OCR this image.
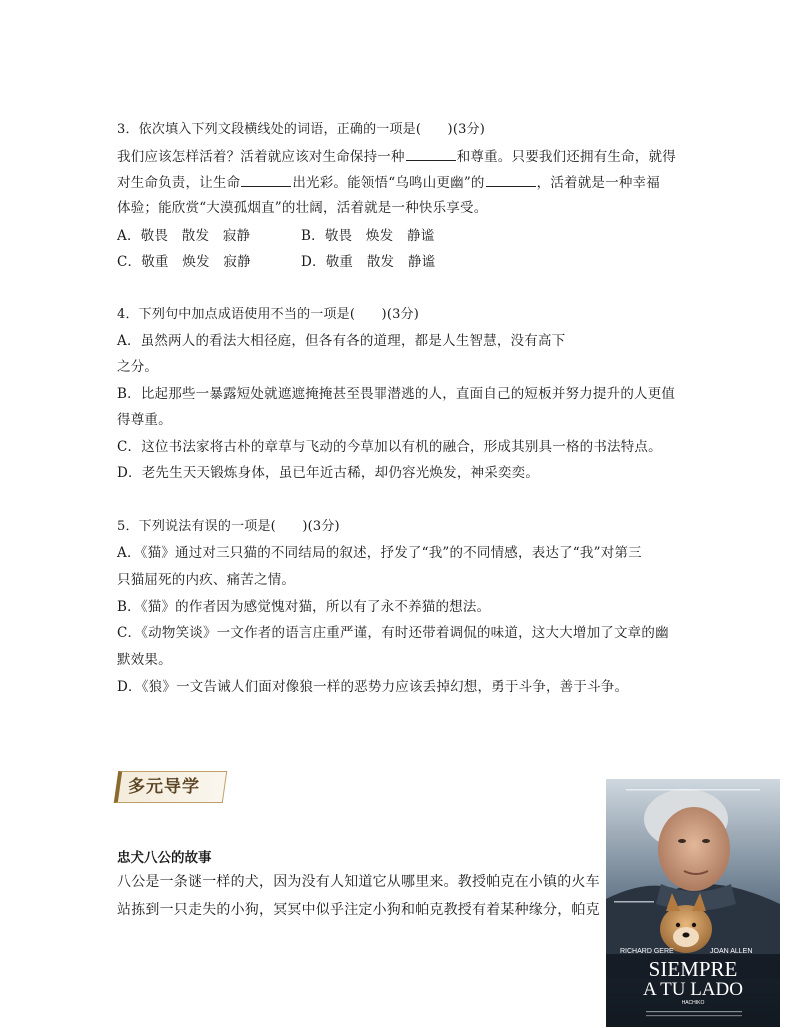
3．依次填入下列文段横线处的词语，正确的一项是(　　)(3分)
我们应该怎样活着？活着就应该对生命保持一种	和尊重。只要我们还拥有生命，就得
对生命负责，让生命	出光彩。能领悟“乌鸣山更幽”的	，活着就是一种幸福
体验；能欣赏“大漠孤烟直”的壮阔，活着就是一种快乐享受。
A．敬畏　散发　寂静	B．敬畏　焕发　静谧
C．敬重　焕发　寂静	D．敬重　散发　静谧
4．下列句中加点成语使用不当的一项是(　　)(3分)
A．虽然两人的看法大相径庭，但各有各的道理，都是人生智慧，没有高下
之分。
B．比起那些一暴露短处就遮遮掩掩甚至畏罪潜逃的人，直面自己的短板并努力提升的人更值
得尊重。
C．这位书法家将古朴的章草与飞动的今草加以有机的融合，形成其别具一格的书法特点。
D．老先生天天锻炼身体，虽已年近古稀，却仍容光焕发，神采奕奕。
5．下列说法有误的一项是(　　)(3分)
A．《猫》通过对三只猫的不同结局的叙述，抒发了“我”的不同情感，表达了“我”对第三
只猫屈死的内疚、痛苦之情。
B．《猫》的作者因为感觉愧对猫，所以有了永不养猫的想法。
C．《动物笑谈》一文作者的语言庄重严谨，有时还带着调侃的味道，这大大增加了文章的幽
默效果。
D．《狼》一文告诫人们面对像狼一样的恶势力应该丢掉幻想，勇于斗争，善于斗争。
多元导学
忠犬八公的故事
八公是一条谜一样的犬，因为没有人知道它从哪里来。教授帕克在小镇的火车
站拣到一只走失的小狗，冥冥中似乎注定小狗和帕克教授有着某种缘分，帕克
RICHARD GERE	JOAN ALLEN
SIEMPRE
A TU LADO
HACHIKO
